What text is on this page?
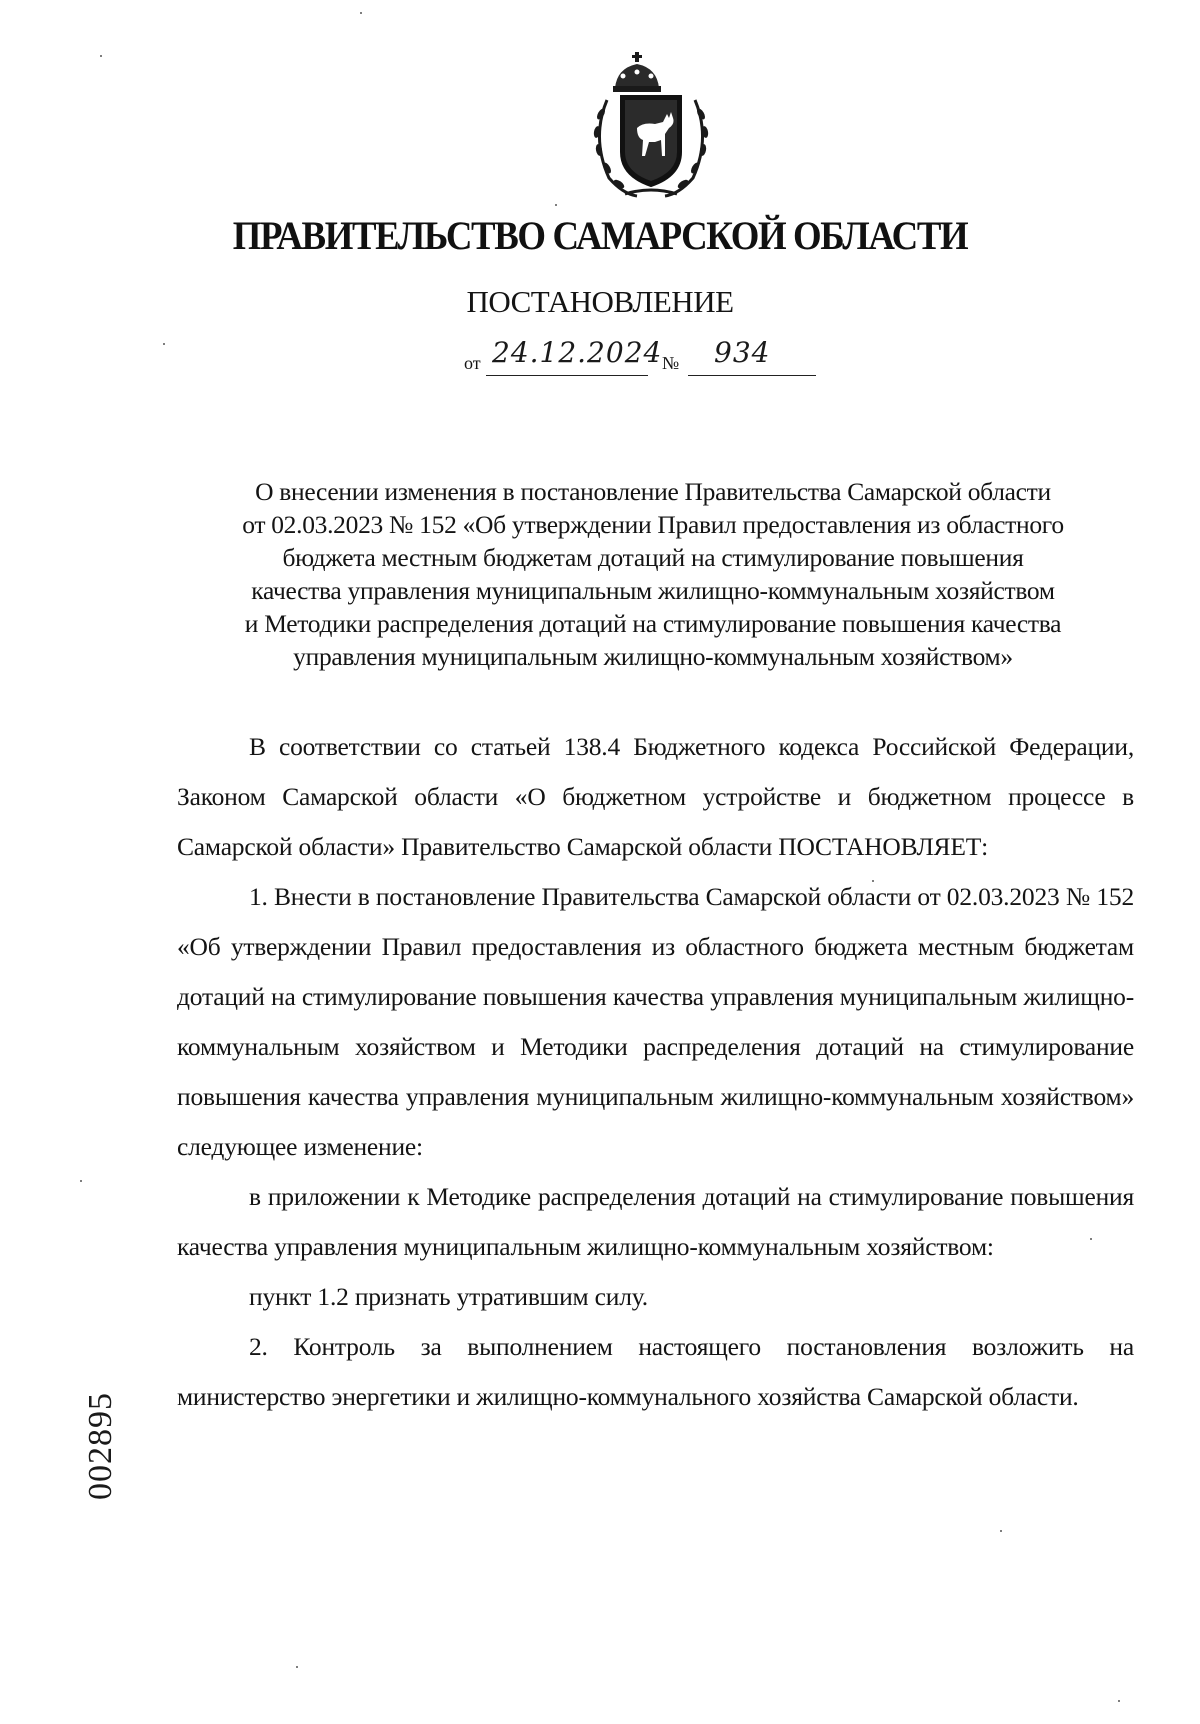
ПРАВИТЕЛЬСТВО САМАРСКОЙ ОБЛАСТИ
ПОСТАНОВЛЕНИЕ
от 24.12.2024 № 934
О внесении изменения в постановление Правительства Самарской области
от 02.03.2023 № 152 «Об утверждении Правил предоставления из областного
бюджета местным бюджетам дотаций на стимулирование повышения
качества управления муниципальным жилищно-коммунальным хозяйством
и Методики распределения дотаций на стимулирование повышения качества
управления муниципальным жилищно-коммунальным хозяйством»

В соответствии со статьей 138.4 Бюджетного кодекса Российской Федерации, Законом Самарской области «О бюджетном устройстве и бюджетном процессе в Самарской области» Правительство Самарской области ПОСТАНОВЛЯЕТ:

1. Внести в постановление Правительства Самарской области от 02.03.2023 № 152 «Об утверждении Правил предоставления из областного бюджета местным бюджетам дотаций на стимулирование повышения качества управления муниципальным жилищно-коммунальным хозяйством и Методики распределения дотаций на стимулирование повышения качества управления муниципальным жилищно-коммунальным хозяйством» следующее изменение:

в приложении к Методике распределения дотаций на стимулирование повышения качества управления муниципальным жилищно-коммунальным хозяйством:

пункт 1.2 признать утратившим силу.

2. Контроль за выполнением настоящего постановления возложить на министерство энергетики и жилищно-коммунального хозяйства Самарской области.

002895
